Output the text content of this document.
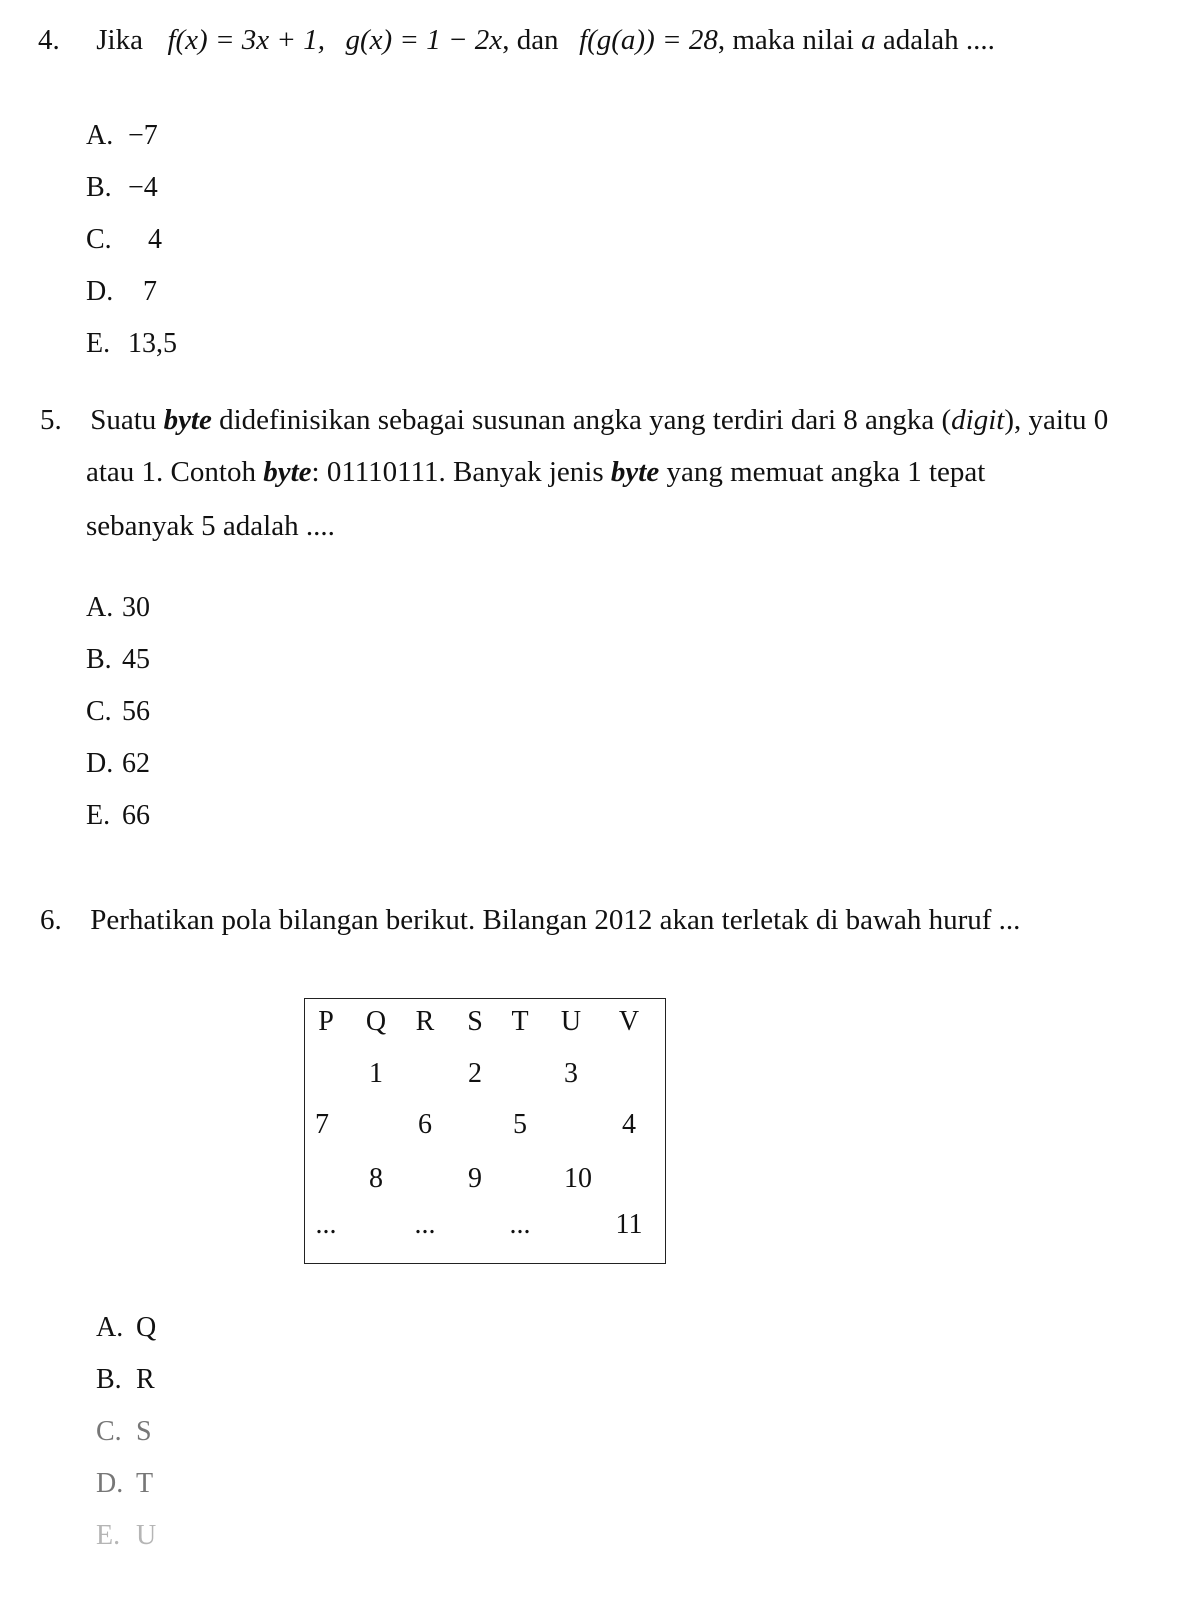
4. Jika f(x) = 3x + 1, g(x) = 1 − 2x, dan f(g(a)) = 28, maka nilai a adalah ....
A. −7
B. −4
C. 4
D. 7
E. 13,5
5. Suatu byte didefinisikan sebagai susunan angka yang terdiri dari 8 angka (digit), yaitu 0
atau 1. Contoh byte: 01110111. Banyak jenis byte yang memuat angka 1 tepat
sebanyak 5 adalah ....
A. 30
B. 45
C. 56
D. 62
E. 66
6. Perhatikan pola bilangan berikut. Bilangan 2012 akan terletak di bawah huruf ...
P Q R S T U V
1	2	3
7	6	5	4
8	9	10
...	...	...	11
A. Q
B. R
C. S
D. T
E. U
